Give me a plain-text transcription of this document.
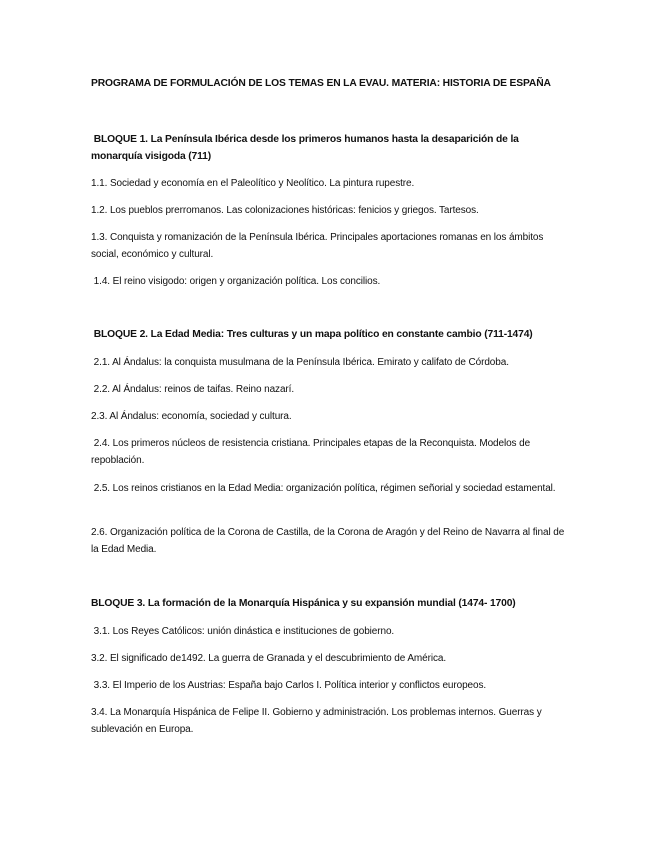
PROGRAMA DE FORMULACIÓN DE LOS TEMAS EN LA EVAU. MATERIA: HISTORIA DE ESPAÑA
BLOQUE 1. La Península Ibérica desde los primeros humanos hasta la desaparición de la monarquía visigoda (711)
1.1. Sociedad y economía en el Paleolítico y Neolítico. La pintura rupestre.
1.2. Los pueblos prerromanos. Las colonizaciones históricas: fenicios y griegos. Tartesos.
1.3. Conquista y romanización de la Península Ibérica. Principales aportaciones romanas en los ámbitos social, económico y cultural.
1.4. El reino visigodo: origen y organización política. Los concilios.
BLOQUE 2. La Edad Media: Tres culturas y un mapa político en constante cambio (711-1474)
2.1. Al Ándalus: la conquista musulmana de la Península Ibérica. Emirato y califato de Córdoba.
2.2. Al Ándalus: reinos de taifas. Reino nazarí.
2.3. Al Ándalus: economía, sociedad y cultura.
2.4. Los primeros núcleos de resistencia cristiana. Principales etapas de la Reconquista. Modelos de repoblación.
2.5. Los reinos cristianos en la Edad Media: organización política, régimen señorial y sociedad estamental.
2.6. Organización política de la Corona de Castilla, de la Corona de Aragón y del Reino de Navarra al final de la Edad Media.
BLOQUE 3. La formación de la Monarquía Hispánica y su expansión mundial (1474- 1700)
3.1. Los Reyes Católicos: unión dinástica e instituciones de gobierno.
3.2. El significado de1492. La guerra de Granada y el descubrimiento de América.
3.3. El Imperio de los Austrias: España bajo Carlos I. Política interior y conflictos europeos.
3.4. La Monarquía Hispánica de Felipe II. Gobierno y administración. Los problemas internos. Guerras y sublevación en Europa.
